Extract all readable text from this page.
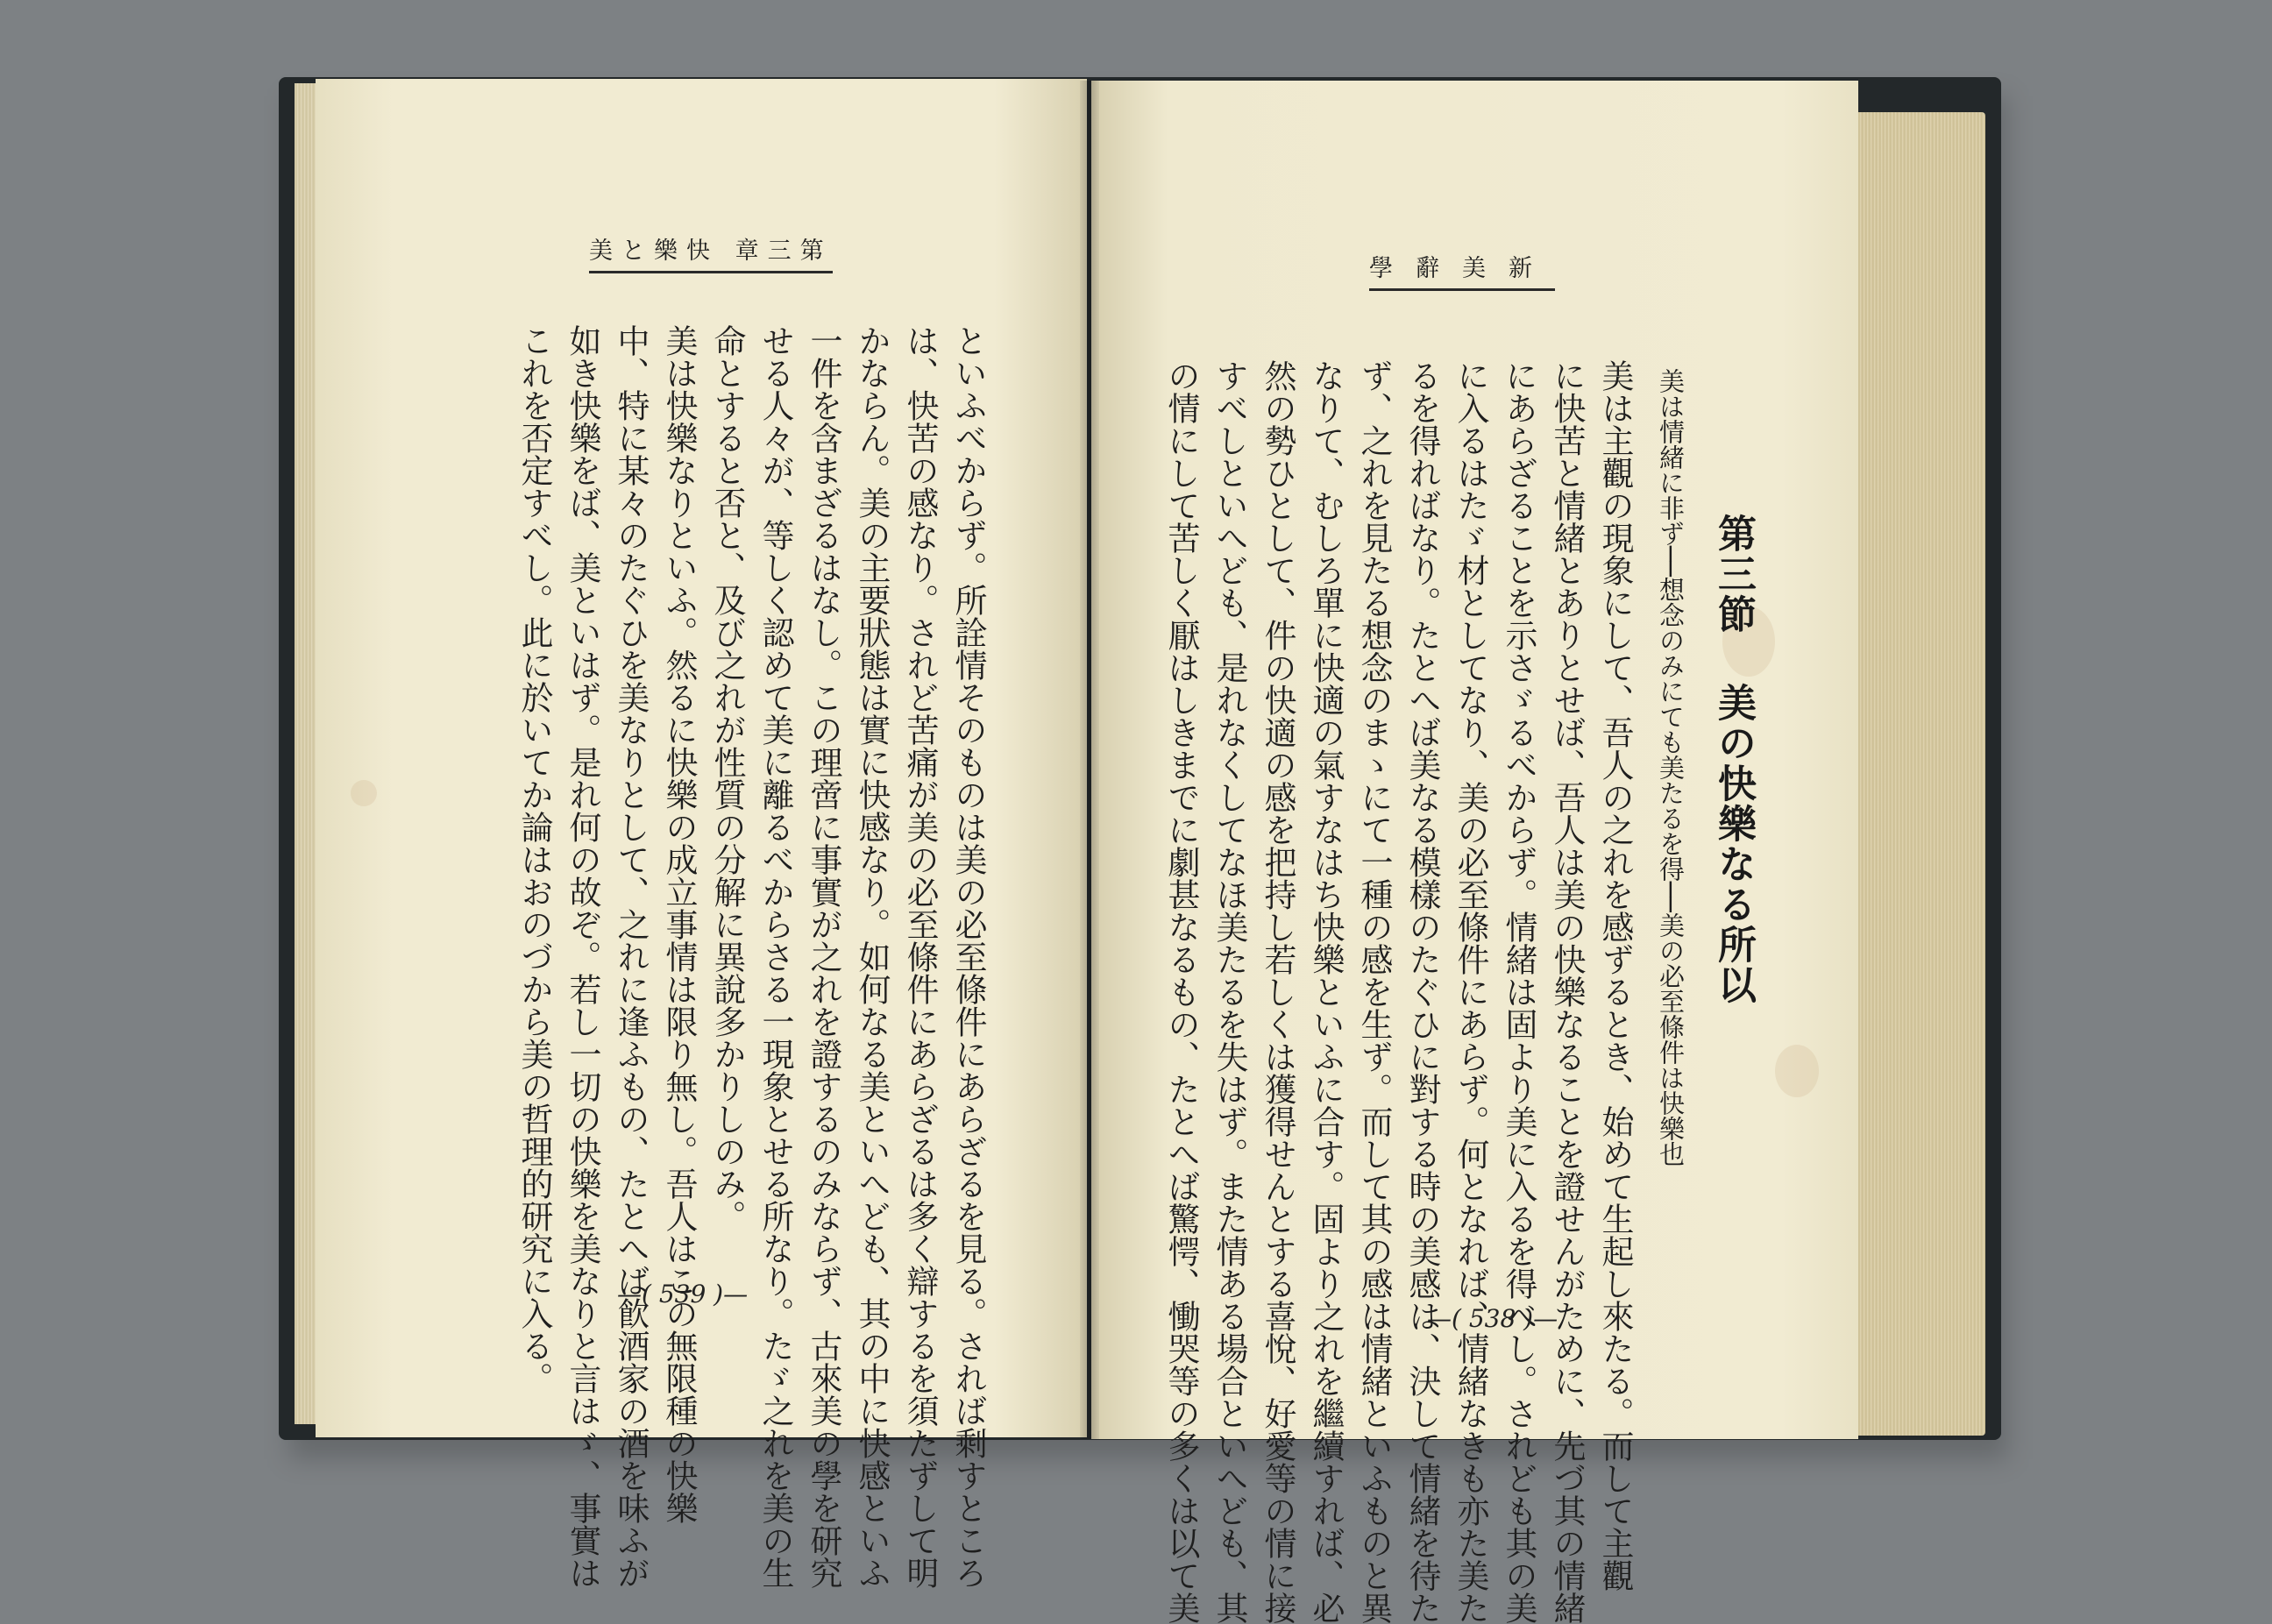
美と樂快 章三第

といふべからず。所詮情そのものは美の必至條件にあらざるを見る。されば剩すところ

は、快苦の感なり。されど苦痛が美の必至條件にあらざるは多く辯するを須たずして明

かならん。美の主要狀態は實に快感なり。如何なる美といへども、其の中に快感といふ

一件を含まざるはなし。この理啻に事實が之れを證するのみならず、古來美の學を研究

せる人々が、等しく認めて美に離るべからさる一現象とせる所なり。たゞ之れを美の生

命とすると否と、及び之れが性質の分解に異說多かりしのみ。

美は快樂なりといふ。然るに快樂の成立事情は限り無し。吾人はこの無限種の快樂

中、特に某々のたぐひを美なりとして、之れに逢ふもの、たとへば飮酒家の酒を味ふが

如き快樂をば、美といはず。是れ何の故ぞ。若し一切の快樂を美なりと言はゞ、事實は

これを否定すべし。此に於いてか論はおのづから美の哲理的研究に入る。	—( 539 )—
學辭美新
第三節 美の快樂なる所以
美は情緒に非ず──想念のみにても美たるを得──美の必至條件は快樂也

美は主觀の現象にして、吾人の之れを感ずるとき、始めて生起し來たる。而して主觀

に快苦と情緒とありとせば、吾人は美の快樂なることを證せんがために、先づ其の情緒

にあらざることを示さゞるべからず。情緒は固より美に入るを得べし。されども其の美

に入るはたゞ材としてなり、美の必至條件にあらず。何となれば、情緒なきも亦た美た

るを得ればなり。たとへば美なる模樣のたぐひに對する時の美感は、決して情緒を待た

ず、之れを見たる想念のまゝにて一種の感を生ず。而して其の感は情緒といふものと異

なりて、むしろ單に快適の氣すなはち快樂といふに合す。固より之れを繼續すれば、必

然の勢ひとして、件の快適の感を把持し若しくは獲得せんとする喜悅、好愛等の情に接

すべしといへども、是れなくしてなほ美たるを失はず。また情ある場合といへども、其

の情にして苦しく厭はしきまでに劇甚なるもの、たとへば驚愕、慟哭等の多くは以て美	—( 538 )—
